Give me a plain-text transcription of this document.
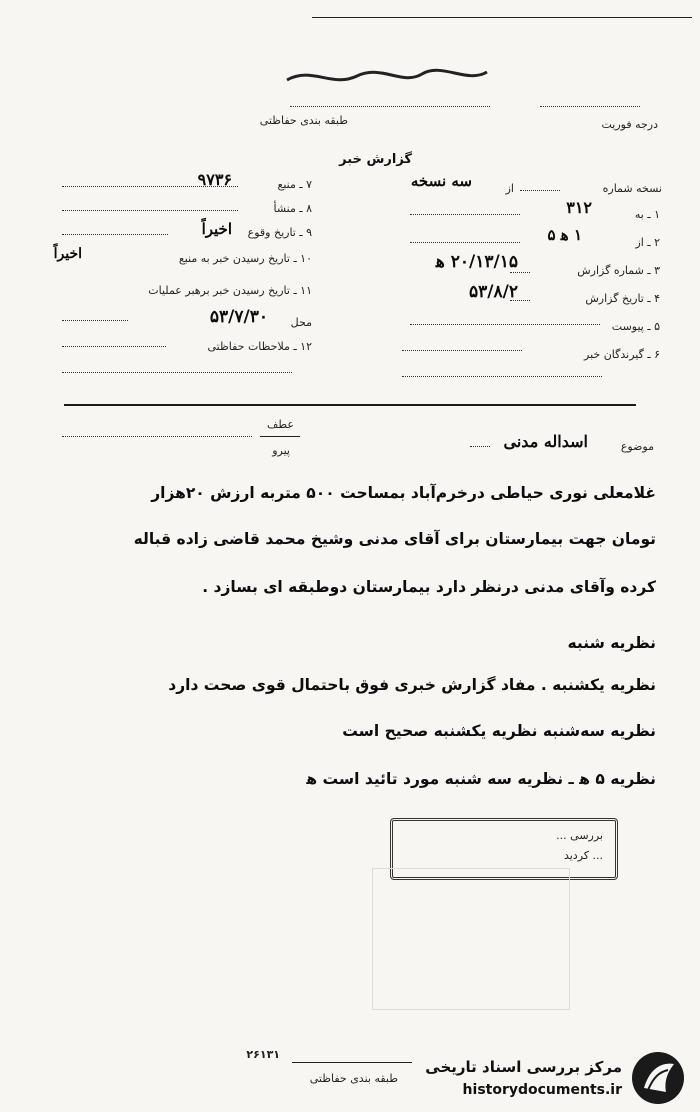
طبقه بندی حفاظتی	درجه فوریت
گزارش خبر
نسخه شماره
از
سه نسخه
۷ ـ منبع
۹۷۳۶
۸ ـ منشأ
۹ ـ تاریخ وقوع
اخیراً
۱۰ ـ تاریخ رسیدن خبر به منبع
اخیراً
۱۱ ـ تاریخ رسیدن خبر برهبر عملیات
محل
۵۳/۷/۳۰
۱۲ ـ ملاحظات حفاظتی
۱ ـ به
۳۱۲
۲ ـ از
۱ ه‍ ۵
۳ ـ شماره گزارش
۲۰/۱۳/۱۵ ه‍
۴ ـ تاریخ گزارش
۵۳/۸/۲
۵ ـ پیوست
۶ ـ گیرندگان خبر
موضوع
اسداله مدنی
عطف
پیرو
غلامعلی نوری حیاطی درخرم‌آباد بمساحت ۵۰۰ متربه ارزش ۲۰هزار
تومان جهت بیمارستان برای آقای مدنی وشیخ محمد قاضی زاده قباله
کرده وآقای مدنی درنظر دارد بیمارستان دوطبقه ای بسازد .
نظریه شنبه
نظریه یکشنبه . مفاد گزارش خبری فوق باحتمال قوی صحت دارد
نظریه سه‌شنبه نظریه یکشنبه صحیح است
نظریه ۵ ه‍ ـ نظریه سه شنبه مورد تائید است ه‍
بررسی ...
... کردید
۲۶۱۳۱
طبقه بندی حفاظتی
مرکز بررسی اسناد تاریخی
historydocuments.ir
